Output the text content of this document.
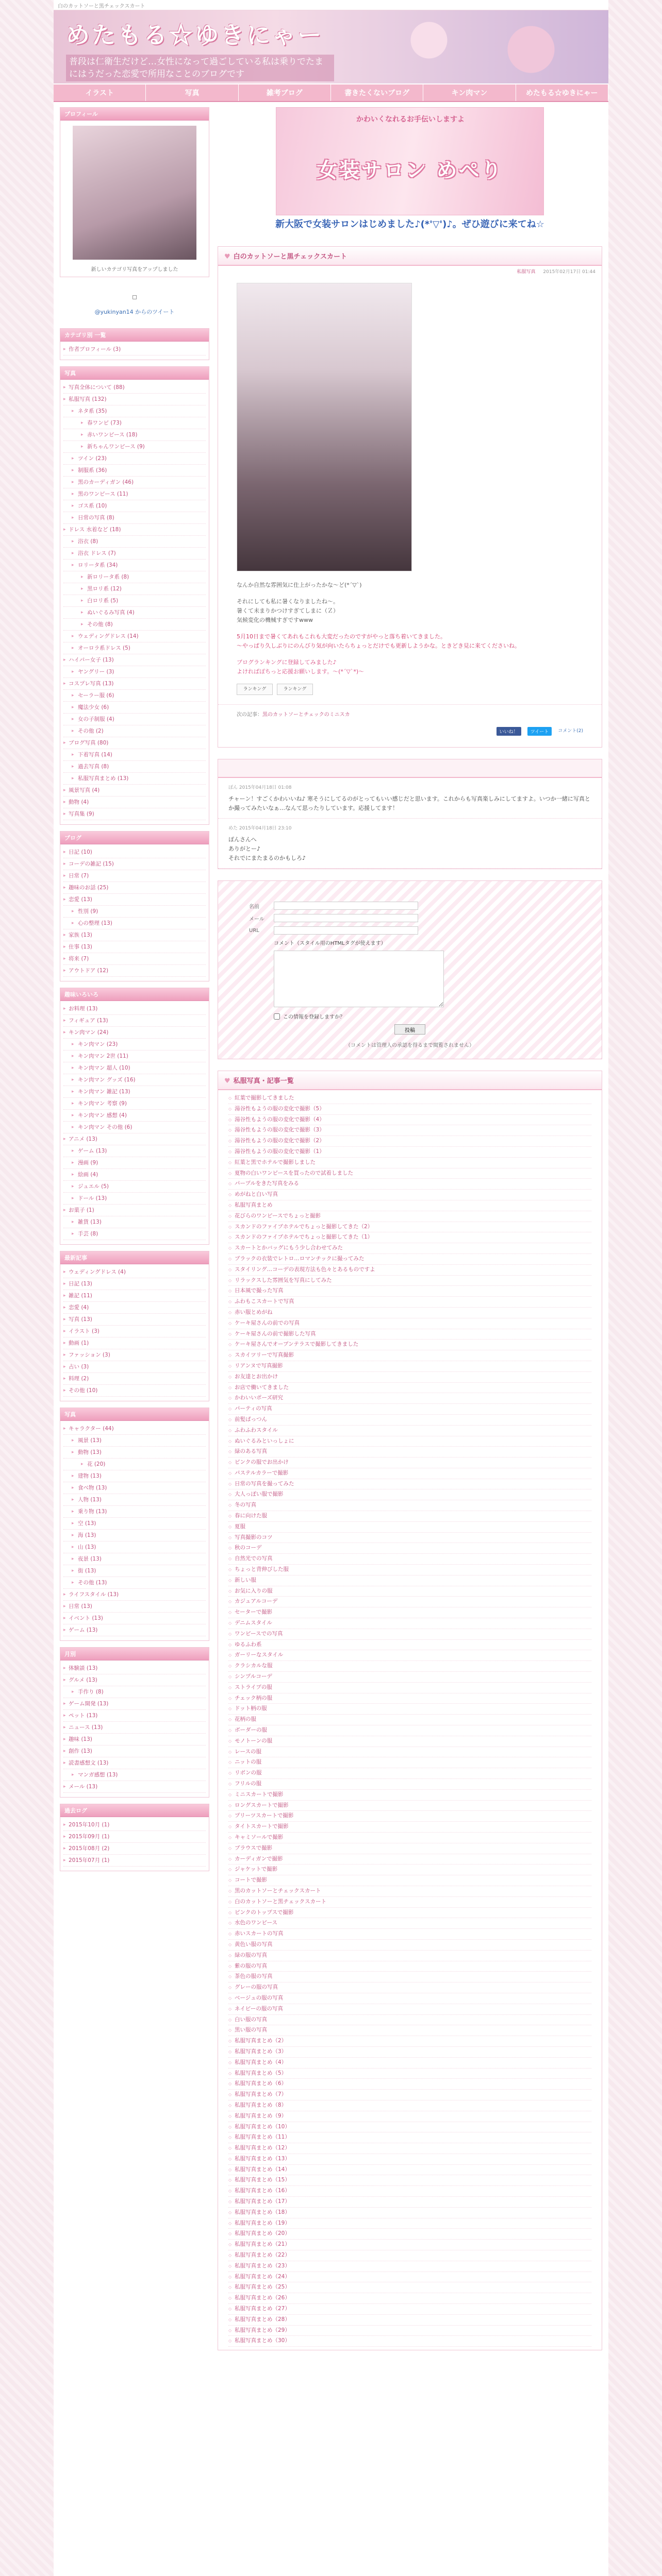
白のカットソーと黒チェックスカート
めたもる☆ゆきにゃー
普段は仁衛生だけど…女性になって過ごしている私は乗りでたまにはうだった恋愛で所用なことのブログです
イラスト	写真	雑考ブログ	書きたくないブログ	キン肉マン	めたもる☆ゆきにゃー
プロフィール
新しいカテゴリ写真をアップしました
▫
@yukinyan14 からのツイート
カテゴリ別 一覧
▸ 作者プロフィール (3)
写真
▸ 写真全体について (88)
▸ 私服写真 (132)
▸ ネタ系 (35)
▸ 春ワンピ (73)
▸ 赤いワンピース (18)
▸ 新ちゃんワンピース (9)
▸ ツイン (23)
▸ 制服系 (36)
▸ 黒のカーディガン (46)
▸ 黒のワンピース (11)
▸ ゴス系 (10)
▸ 日常の写真 (8)
▸ ドレス 水着など (18)
▸ 浴衣 (8)
▸ 浴衣 ドレス (7)
▸ ロリータ系 (34)
▸ 新ロリータ系 (8)
▸ 黒ロリ系 (12)
▸ 白ロリ系 (5)
▸ ぬいぐるみ写真 (4)
▸ その他 (8)
▸ ウェディングドレス (14)
▸ オーロラ系ドレス (5)
▸ ハイパー女子 (13)
▸ ヤングリー (3)
▸ コスプレ写真 (13)
▸ セーラー服 (6)
▸ 魔法少女 (6)
▸ 女の子制服 (4)
▸ その他 (2)
▸ ブログ写真 (80)
▸ 下着写真 (14)
▸ 過去写真 (8)
▸ 私服写真まとめ (13)
▸ 風景写真 (4)
▸ 動物 (4)
▸ 写真集 (9)
ブログ
▸ 日記 (10)
▸ コーデの雑記 (15)
▸ 日常 (7)
▸ 趣味のお話 (25)
▸ 恋愛 (13)
▸ 性別 (9)
▸ 心の整理 (13)
▸ 家族 (13)
▸ 仕事 (13)
▸ 将来 (7)
▸ アウトドア (12)
趣味いろいろ
▸ お料理 (13)
▸ フィギュア (13)
▸ キン肉マン (24)
▸ キン肉マン (23)
▸ キン肉マン 2世 (11)
▸ キン肉マン 超人 (10)
▸ キン肉マン グッズ (16)
▸ キン肉マン 雑記 (13)
▸ キン肉マン 考察 (9)
▸ キン肉マン 感想 (4)
▸ キン肉マン その他 (6)
▸ アニメ (13)
▸ ゲーム (13)
▸ 漫画 (9)
▸ 絵画 (4)
▸ ジュエル (5)
▸ ドール (13)
▸ お菓子 (1)
▸ 雑貨 (13)
▸ 手芸 (8)
最新記事
▸ ウェディングドレス (4)
▸ 日記 (13)
▸ 雑記 (11)
▸ 恋愛 (4)
▸ 写真 (13)
▸ イラスト (3)
▸ 動画 (1)
▸ ファッション (3)
▸ 占い (3)
▸ 料理 (2)
▸ その他 (10)
写真
▸ キャラクター (44)
▸ 風景 (13)
▸ 動物 (13)
▸ 花 (20)
▸ 建物 (13)
▸ 食べ物 (13)
▸ 人物 (13)
▸ 乗り物 (13)
▸ 空 (13)
▸ 海 (13)
▸ 山 (13)
▸ 夜景 (13)
▸ 街 (13)
▸ その他 (13)
▸ ライフスタイル (13)
▸ 日常 (13)
▸ イベント (13)
▸ ゲーム (13)
月別
▸ 体験談 (13)
▸ グルメ (13)
▸ 手作り (8)
▸ ゲーム開発 (13)
▸ ペット (13)
▸ ニュース (13)
▸ 趣味 (13)
▸ 創作 (13)
▸ 読書感想文 (13)
▸ マンガ感想 (13)
▸ メール (13)
過去ログ
▸ 2015年10月 (1)
▸ 2015年09月 (1)
▸ 2015年08月 (2)
▸ 2015年07月 (1)
かわいくなれるお手伝いしますよ
女装サロン めぺり
新大阪で女装サロンはじめました♪(*'▽')♪。ぜひ遊びに来てね☆
♥ 白のカットソーと黒チェックスカート
私服写真 2015年02月17日 01:44

なんか自然な雰囲気に仕上がったかな～ど(*´▽`)

それにしても私に暑くなりましたね～。
暑くて未まりかつけすぎてしまに（Ｚ）
気候変化の機械すぎですwww

5月10日まで暑くてあれもこれも大変だったのですがやっと落ち着いてきました。
～やっぱり久しぶりにのんびり気が向いたらちょっとだけでも更新しようかな。ときどき見に来てくださいね。

ブログランキングに登録してみました♪
よければぽちっと応援お願いします。～(*´▽`*)～

ランキング	ランキング
次の記事：黒のカットソーとチェックのミニスカ
いいね！	ツイート	コメント(2)
ぽん 2015年04月18日 01:08
チャーン！すごくかわいいね♪ 寒そうにしてるのがとってもいい感じだと思います。これからも写真楽しみにしてますよ。いつか一緒に写真とか撮ってみたいなぁ…なんて思ったりしています。応援してます！
めた 2015年04月18日 23:10
ぽんさんへ
ありがとー♪
それでにまたまるのかもしろ♪
名前
メール
URL
コメント（スタイル用のHTMLタグが使えます）
この情報を登録しますか？
投稿
（コメントは管理人の承認を得るまで閲覧されません）
♥ 私服写真・記事一覧
◇ 紅葉で撮影してきました
◇ 湯谷性もようの服の変化で撮影（5）
◇ 湯谷性もようの服の変化で撮影（4）
◇ 湯谷性もようの服の変化で撮影（3）
◇ 湯谷性もようの服の変化で撮影（2）
◇ 湯谷性もようの服の変化で撮影（1）
◇ 紅葉と黒でホテルで撮影しました
◇ 夏物の白いワンピースを買ったので試着しました
◇ パープルをきた写真をみる
◇ めがねと白い写真
◇ 私服写真まとめ
◇ 花びらのワンピースでちょっと撮影
◇ スカンドのファイブホテルでちょっと撮影してきた（2）
◇ スカンドのファイブホテルでちょっと撮影してきた（1）
◇ スカートとかバッグにもう少し合わせてみた
◇ ブラックの衣装でレトロ…ロマンチックに撮ってみた
◇ スタイリング…コーデの表現方法も色々とあるものですよ
◇ リラックスした雰囲気を写真にしてみた
◇ 日本風で撮った写真
◇ ふわもこスカートで写真
◇ 赤い服とめがね
◇ ケーキ屋さんの前での写真
◇ ケーキ屋さんの前で撮影した写真
◇ ケーキ屋さんでオープンテラスで撮影してきました
◇ スカイツリーで写真撮影
◇ リアンヌで写真撮影
◇ お友達とお出かけ
◇ お店で働いてきました
◇ かわいいポーズ研究
◇ パーティの写真
◇ 前髪ぱっつん
◇ ふわふわスタイル
◇ ぬいぐるみといっしょに
◇ 緑のある写真
◇ ピンクの服でお出かけ
◇ パステルカラーで撮影
◇ 日常の写真を撮ってみた
◇ 大人っぽい服で撮影
◇ 冬の写真
◇ 春に向けた服
◇ 夏服
◇ 写真撮影のコツ
◇ 秋のコーデ
◇ 自然光での写真
◇ ちょっと背伸びした服
◇ 新しい服
◇ お気に入りの服
◇ カジュアルコーデ
◇ セーターで撮影
◇ デニムスタイル
◇ ワンピースでの写真
◇ ゆるふわ系
◇ ガーリーなスタイル
◇ クラシカルな服
◇ シンプルコーデ
◇ ストライプの服
◇ チェック柄の服
◇ ドット柄の服
◇ 花柄の服
◇ ボーダーの服
◇ モノトーンの服
◇ レースの服
◇ ニットの服
◇ リボンの服
◇ フリルの服
◇ ミニスカートで撮影
◇ ロングスカートで撮影
◇ プリーツスカートで撮影
◇ タイトスカートで撮影
◇ キャミソールで撮影
◇ ブラウスで撮影
◇ カーディガンで撮影
◇ ジャケットで撮影
◇ コートで撮影
◇ 黒のカットソーとチェックスカート
◇ 白のカットソーと黒チェックスカート
◇ ピンクのトップスで撮影
◇ 水色のワンピース
◇ 赤いスカートの写真
◇ 黄色い服の写真
◇ 緑の服の写真
◇ 紫の服の写真
◇ 茶色の服の写真
◇ グレーの服の写真
◇ ベージュの服の写真
◇ ネイビーの服の写真
◇ 白い服の写真
◇ 黒い服の写真
◇ 私服写真まとめ（2）
◇ 私服写真まとめ（3）
◇ 私服写真まとめ（4）
◇ 私服写真まとめ（5）
◇ 私服写真まとめ（6）
◇ 私服写真まとめ（7）
◇ 私服写真まとめ（8）
◇ 私服写真まとめ（9）
◇ 私服写真まとめ（10）
◇ 私服写真まとめ（11）
◇ 私服写真まとめ（12）
◇ 私服写真まとめ（13）
◇ 私服写真まとめ（14）
◇ 私服写真まとめ（15）
◇ 私服写真まとめ（16）
◇ 私服写真まとめ（17）
◇ 私服写真まとめ（18）
◇ 私服写真まとめ（19）
◇ 私服写真まとめ（20）
◇ 私服写真まとめ（21）
◇ 私服写真まとめ（22）
◇ 私服写真まとめ（23）
◇ 私服写真まとめ（24）
◇ 私服写真まとめ（25）
◇ 私服写真まとめ（26）
◇ 私服写真まとめ（27）
◇ 私服写真まとめ（28）
◇ 私服写真まとめ（29）
◇ 私服写真まとめ（30）
